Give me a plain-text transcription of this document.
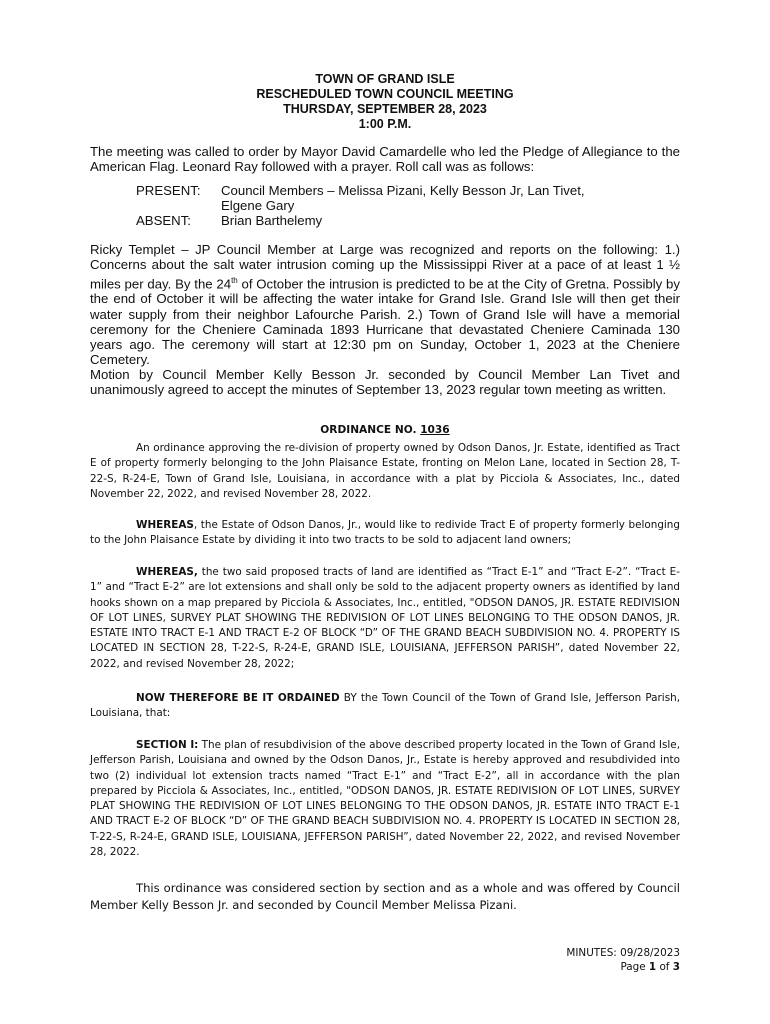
TOWN OF GRAND ISLE
RESCHEDULED TOWN COUNCIL MEETING
THURSDAY, SEPTEMBER 28, 2023
1:00 P.M.

The meeting was called to order by Mayor David Camardelle who led the Pledge of Allegiance to the American Flag. Leonard Ray followed with a prayer. Roll call was as follows:

PRESENT: Council Members – Melissa Pizani, Kelly Besson Jr, Lan Tivet,
Elgene Gary
ABSENT: Brian Barthelemy

Ricky Templet – JP Council Member at Large was recognized and reports on the following: 1.) Concerns about the salt water intrusion coming up the Mississippi River at a pace of at least 1 ½ miles per day. By the 24th of October the intrusion is predicted to be at the City of Gretna. Possibly by the end of October it will be affecting the water intake for Grand Isle. Grand Isle will then get their water supply from their neighbor Lafourche Parish. 2.) Town of Grand Isle will have a memorial ceremony for the Cheniere Caminada 1893 Hurricane that devastated Cheniere Caminada 130 years ago. The ceremony will start at 12:30 pm on Sunday, October 1, 2023 at the Cheniere Cemetery.

Motion by Council Member Kelly Besson Jr. seconded by Council Member Lan Tivet and unanimously agreed to accept the minutes of September 13, 2023 regular town meeting as written.

ORDINANCE NO. 1036

An ordinance approving the re-division of property owned by Odson Danos, Jr. Estate, identified as Tract E of property formerly belonging to the John Plaisance Estate, fronting on Melon Lane, located in Section 28, T-22-S, R-24-E, Town of Grand Isle, Louisiana, in accordance with a plat by Picciola & Associates, Inc., dated November 22, 2022, and revised November 28, 2022.

WHEREAS, the Estate of Odson Danos, Jr., would like to redivide Tract E of property formerly belonging to the John Plaisance Estate by dividing it into two tracts to be sold to adjacent land owners;

WHEREAS, the two said proposed tracts of land are identified as “Tract E-1” and “Tract E-2”. “Tract E-1” and “Tract E-2” are lot extensions and shall only be sold to the adjacent property owners as identified by land hooks shown on a map prepared by Picciola & Associates, Inc., entitled, "ODSON DANOS, JR. ESTATE REDIVISION OF LOT LINES, SURVEY PLAT SHOWING THE REDIVISION OF LOT LINES BELONGING TO THE ODSON DANOS, JR. ESTATE INTO TRACT E-1 AND TRACT E-2 OF BLOCK “D” OF THE GRAND BEACH SUBDIVISION NO. 4. PROPERTY IS LOCATED IN SECTION 28, T-22-S, R-24-E, GRAND ISLE, LOUISIANA, JEFFERSON PARISH”, dated November 22, 2022, and revised November 28, 2022;

NOW THEREFORE BE IT ORDAINED BY the Town Council of the Town of Grand Isle, Jefferson Parish, Louisiana, that:

SECTION I: The plan of resubdivision of the above described property located in the Town of Grand Isle, Jefferson Parish, Louisiana and owned by the Odson Danos, Jr., Estate is hereby approved and resubdivided into two (2) individual lot extension tracts named “Tract E-1” and “Tract E-2”, all in accordance with the plan prepared by Picciola & Associates, Inc., entitled, "ODSON DANOS, JR. ESTATE REDIVISION OF LOT LINES, SURVEY PLAT SHOWING THE REDIVISION OF LOT LINES BELONGING TO THE ODSON DANOS, JR. ESTATE INTO TRACT E-1 AND TRACT E-2 OF BLOCK “D” OF THE GRAND BEACH SUBDIVISION NO. 4. PROPERTY IS LOCATED IN SECTION 28, T-22-S, R-24-E, GRAND ISLE, LOUISIANA, JEFFERSON PARISH”, dated November 22, 2022, and revised November 28, 2022.

This ordinance was considered section by section and as a whole and was offered by Council Member Kelly Besson Jr. and seconded by Council Member Melissa Pizani.

MINUTES: 09/28/2023
Page 1 of 3
